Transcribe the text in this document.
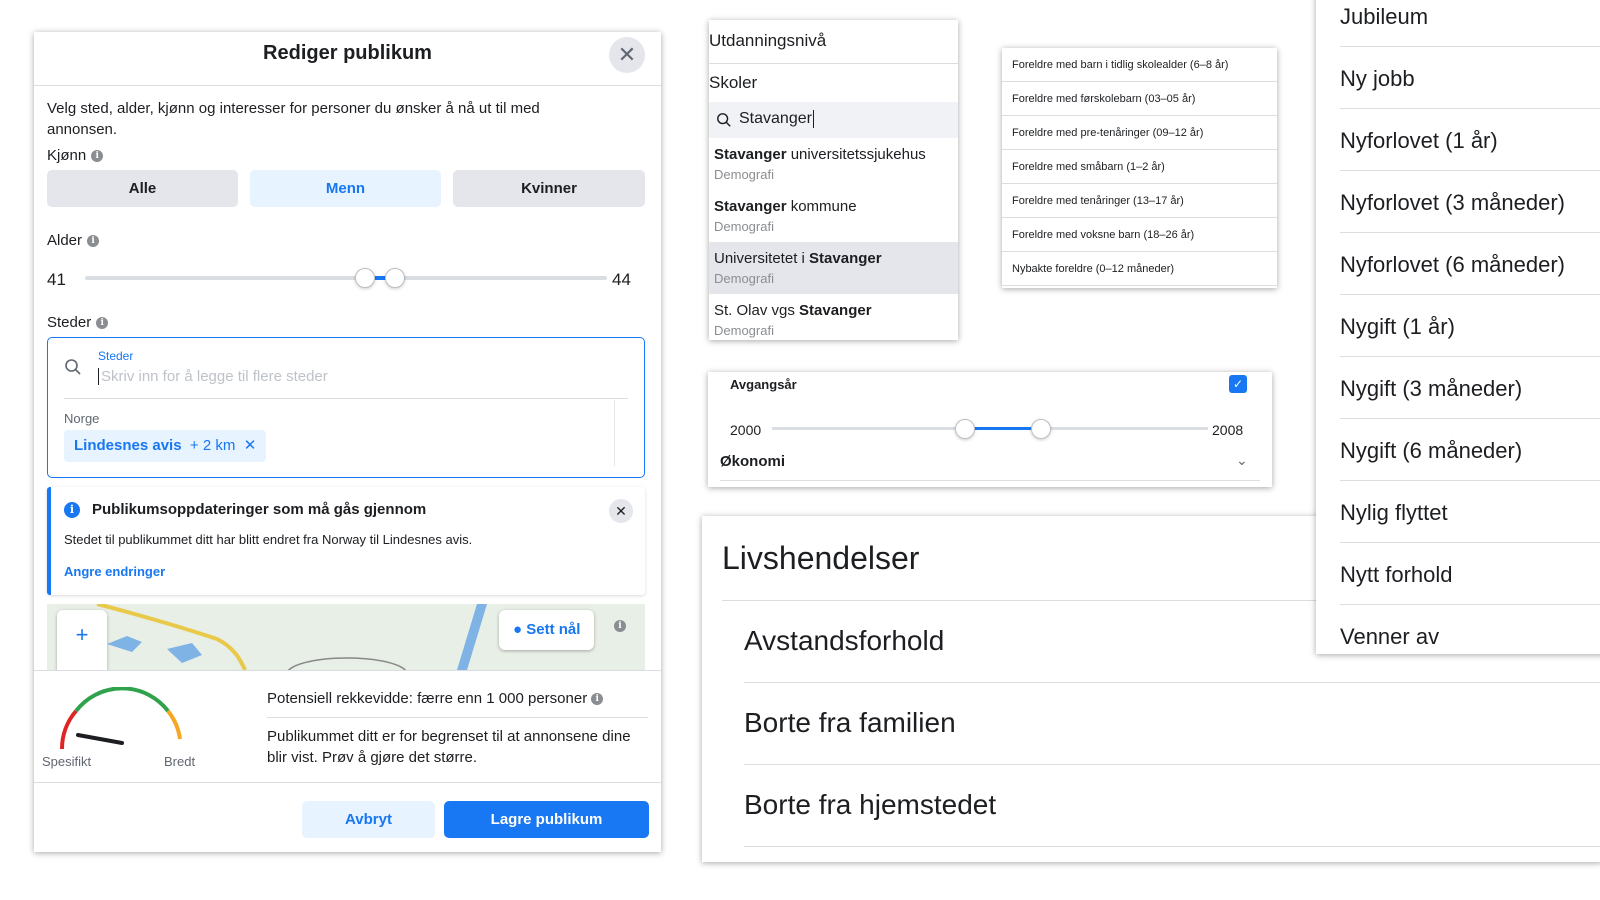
Rediger publikum	✕
Velg sted, alder, kjønn og interesser for personer du ønsker å nå ut til med annonsen.
Kjønn i
Alle	Menn	Kvinner
Alder i
41	44
Steder i
Steder
Skriv inn for å legge til flere steder
Norge
Lindesnes avis + 2 km ✕
i	Publikumsoppdateringer som må gås gjennom
Stedet til publikummet ditt har blitt endret fra Norway til Lindesnes avis.
Angre endringer
✕
+	● Sett nål	i
Spesifikt	Bredt
Potensiell rekkevidde: færre enn 1 000 personer i
Publikummet ditt er for begrenset til at annonsene dine blir vist. Prøv å gjøre det større.
Avbryt	Lagre publikum
Utdanningsnivå
Skoler
Stavanger
Stavanger universitetssjukehus
Demografi
Stavanger kommune
Demografi
Universitetet i Stavanger
Demografi
St. Olav vgs Stavanger
Demografi
Foreldre med barn i tidlig skolealder (6–8 år)
Foreldre med førskolebarn (03–05 år)
Foreldre med pre-tenåringer (09–12 år)
Foreldre med småbarn (1–2 år)
Foreldre med tenåringer (13–17 år)
Foreldre med voksne barn (18–26 år)
Nybakte foreldre (0–12 måneder)
Avgangsår	✓
2000	2008
Økonomi	⌄
Livshendelser
Avstandsforhold
Borte fra familien
Borte fra hjemstedet
Jubileum
Ny jobb
Nyforlovet (1 år)
Nyforlovet (3 måneder)
Nyforlovet (6 måneder)
Nygift (1 år)
Nygift (3 måneder)
Nygift (6 måneder)
Nylig flyttet
Nytt forhold
Venner av
